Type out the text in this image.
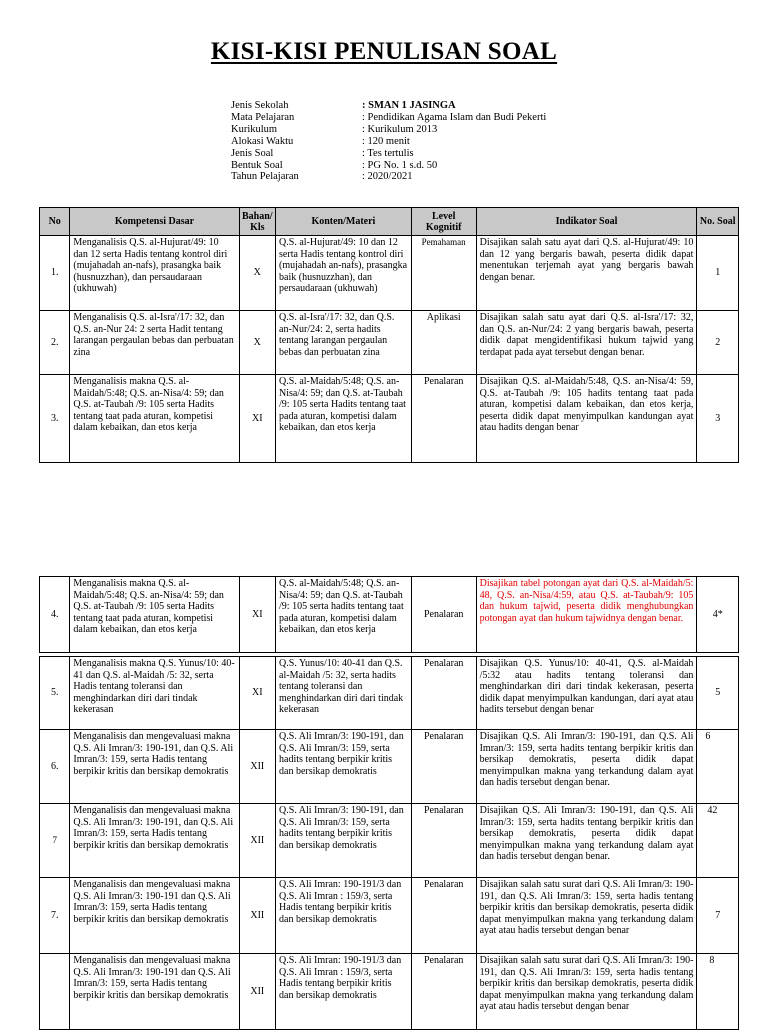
KISI-KISI PENULISAN SOAL
Jenis Sekolah	: SMAN 1 JASINGA
Mata Pelajaran	: Pendidikan Agama Islam dan Budi Pekerti
Kurikulum	: Kurikulum 2013
Alokasi Waktu	: 120 menit
Jenis Soal	: Tes tertulis
Bentuk Soal	: PG No. 1 s.d. 50
Tahun Pelajaran	: 2020/2021
No	Kompetensi Dasar	Bahan/ Kls	Konten/Materi	Level Kognitif	Indikator Soal	No. Soal
1.	Menganalisis Q.S. al-Hujurat/49: 10 dan 12 serta Hadis tentang kontrol diri (mujahadah an-nafs), prasangka baik (husnuzzhan), dan persaudaraan (ukhuwah)	X	Q.S. al-Hujurat/49: 10 dan 12 serta Hadis tentang kontrol diri (mujahadah an-nafs), prasangka baik (husnuzzhan), dan persaudaraan (ukhuwah)	Pemahaman	Disajikan salah satu ayat dari Q.S. al-Hujurat/49: 10 dan 12 yang bergaris bawah, peserta didik dapat menentukan terjemah ayat yang bergaris bawah dengan benar.	1
2.	Menganalisis Q.S. al-Isra'/17: 32, dan Q.S. an-Nur 24: 2 serta Hadit tentang larangan pergaulan bebas dan perbuatan zina	X	Q.S. al-Isra'/17: 32, dan Q.S. an-Nur/24: 2, serta hadits tentang larangan pergaulan bebas dan perbuatan zina	Aplikasi	Disajikan salah satu ayat dari Q.S. al-Isra'/17: 32, dan Q.S. an-Nur/24: 2 yang bergaris bawah, peserta didik dapat mengidentifikasi hukum tajwid yang terdapat pada ayat tersebut dengan benar.	2
3.	Menganalisis makna Q.S. al-Maidah/5:48; Q.S. an-Nisa/4: 59; dan Q.S. at-Taubah /9: 105 serta Hadits tentang taat pada aturan, kompetisi dalam kebaikan, dan etos kerja	XI	Q.S. al-Maidah/5:48; Q.S. an-Nisa/4: 59; dan Q.S. at-Taubah /9: 105 serta Hadits tentang taat pada aturan, kompetisi dalam kebaikan, dan etos kerja	Penalaran	Disajikan Q.S. al-Maidah/5:48, Q.S. an-Nisa/4: 59, Q.S. at-Taubah /9: 105 hadits tentang taat pada aturan, kompetisi dalam kebaikan, dan etos kerja, peserta didik dapat menyimpulkan kandungan ayat atau hadits dengan benar	3
4.	Menganalisis makna Q.S. al-Maidah/5:48; Q.S. an-Nisa/4: 59; dan Q.S. at-Taubah /9: 105 serta Hadits tentang taat pada aturan, kompetisi dalam kebaikan, dan etos kerja	XI	Q.S. al-Maidah/5:48; Q.S. an-Nisa/4: 59; dan Q.S. at-Taubah /9: 105 serta hadits tentang taat pada aturan, kompetisi dalam kebaikan, dan etos kerja	Penalaran	Disajikan tabel potongan ayat dari Q.S. al-Maidah/5: 48, Q.S. an-Nisa/4:59, atau Q.S. at-Taubah/9: 105 dan hukum tajwid, peserta didik menghubungkan potongan ayat dan hukum tajwidnya dengan benar.	4*
5.	Menganalisis makna Q.S. Yunus/10: 40-41 dan Q.S. al-Maidah /5: 32, serta Hadis tentang toleransi dan menghindarkan diri dari tindak kekerasan	XI	Q.S. Yunus/10: 40-41 dan Q.S. al-Maidah /5: 32, serta hadits tentang toleransi dan menghindarkan diri dari tindak kekerasan	Penalaran	Disajikan Q.S. Yunus/10: 40-41, Q.S. al-Maidah /5:32 atau hadits tentang toleransi dan menghindarkan diri dari tindak kekerasan, peserta didik dapat menyimpulkan kandungan, dari ayat atau hadits tersebut dengan benar	5
6.	Menganalisis dan mengevaluasi makna Q.S. Ali Imran/3: 190-191, dan Q.S. Ali Imran/3: 159, serta Hadis tentang berpikir kritis dan bersikap demokratis	XII	Q.S. Ali Imran/3: 190-191, dan Q.S. Ali Imran/3: 159, serta hadits tentang berpikir kritis dan bersikap demokratis	Penalaran	Disajikan Q.S. Ali Imran/3: 190-191, dan Q.S. Ali Imran/3: 159, serta hadits tentang berpikir kritis dan bersikap demokratis, peserta didik dapat menyimpulkan makna yang terkandung dalam ayat dan hadis tersebut dengan benar.	6
7	Menganalisis dan mengevaluasi makna Q.S. Ali Imran/3: 190-191, dan Q.S. Ali Imran/3: 159, serta Hadis tentang berpikir kritis dan bersikap demokratis	XII	Q.S. Ali Imran/3: 190-191, dan Q.S. Ali Imran/3: 159, serta hadits tentang berpikir kritis dan bersikap demokratis	Penalaran	Disajikan Q.S. Ali Imran/3: 190-191, dan Q.S. Ali Imran/3: 159, serta hadits tentang berpikir kritis dan bersikap demokratis, peserta didik dapat menyimpulkan makna yang terkandung dalam ayat dan hadis tersebut dengan benar.	42
7.	Menganalisis dan mengevaluasi makna Q.S. Ali Imran/3: 190-191 dan Q.S. Ali Imran/3: 159, serta Hadis tentang berpikir kritis dan bersikap demokratis	XII	Q.S. Ali Imran: 190-191/3 dan Q.S. Ali Imran : 159/3, serta Hadis tentang berpikir kritis dan bersikap demokratis	Penalaran	Disajikan salah satu surat dari Q.S. Ali Imran/3: 190-191, dan Q.S. Ali Imran/3: 159, serta hadis tentang berpikir kritis dan bersikap demokratis, peserta didik dapat menyimpulkan makna yang terkandung dalam ayat atau hadis tersebut dengan benar	7
	Menganalisis dan mengevaluasi makna Q.S. Ali Imran/3: 190-191 dan Q.S. Ali Imran/3: 159, serta Hadis tentang berpikir kritis dan bersikap demokratis	XII	Q.S. Ali Imran: 190-191/3 dan Q.S. Ali Imran : 159/3, serta Hadis tentang berpikir kritis dan bersikap demokratis	Penalaran	Disajikan salah satu surat dari Q.S. Ali Imran/3: 190-191, dan Q.S. Ali Imran/3: 159, serta hadis tentang berpikir kritis dan bersikap demokratis, peserta didik dapat menyimpulkan makna yang terkandung dalam ayat atau hadis tersebut dengan benar	8
